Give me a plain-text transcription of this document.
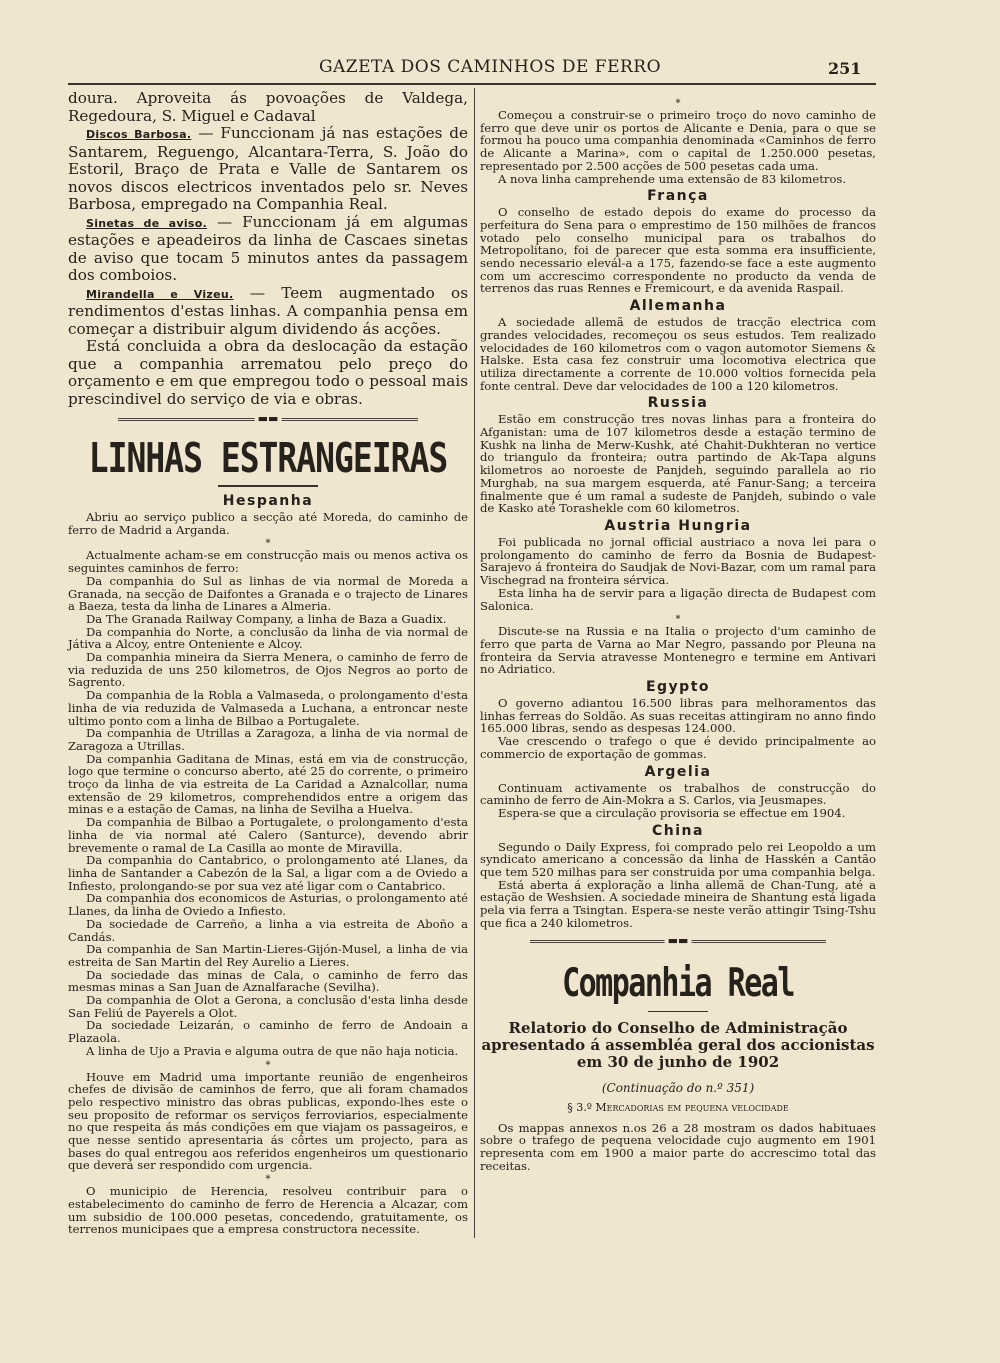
GAZETA DOS CAMINHOS DE FERRO	251

doura. Aproveita ás povoações de Valdega, Regedoura, S. Miguel e Cadaval

Discos Barbosa. — Funccionam já nas estações de Santarem, Reguengo, Alcantara-Terra, S. João do Estoril, Braço de Prata e Valle de Santarem os novos discos electricos inventados pelo sr. Neves Barbosa, empregado na Companhia Real.

Sinetas de aviso. — Funccionam já em algumas estações e apeadeiros da linha de Cascaes sinetas de aviso que tocam 5 minutos antes da passagem dos comboios.

Mirandella e Vizeu. — Teem augmentado os rendimentos d'estas linhas. A companhia pensa em começar a distribuir algum dividendo ás acções.

Está concluida a obra da deslocação da estação que a companhia arrematou pelo preço do orçamento e em que empregou todo o pessoal mais prescindivel do serviço de via e obras.

▬▬
LINHAS ESTRANGEIRAS
Hespanha

Abriu ao serviço publico a secção até Moreda, do caminho de ferro de Madrid a Arganda.

*

Actualmente acham-se em construcção mais ou menos activa os seguintes caminhos de ferro:

Da companhia do Sul as linhas de via normal de Moreda a Granada, na secção de Daifontes a Granada e o trajecto de Linares a Baeza, testa da linha de Linares a Almeria.

Da The Granada Railway Company, a linha de Baza a Guadix.

Da companhia do Norte, a conclusão da linha de via normal de Játiva a Alcoy, entre Onteniente e Alcoy.

Da companhia mineira da Sierra Menera, o caminho de ferro de via reduzida de uns 250 kilometros, de Ojos Negros ao porto de Sagrento.

Da companhia de la Robla a Valmaseda, o prolongamento d'esta linha de via reduzida de Valmaseda a Luchana, a entroncar neste ultimo ponto com a linha de Bilbao a Portugalete.

Da companhia de Utrillas a Zaragoza, a linha de via normal de Zaragoza a Utrillas.

Da companhia Gaditana de Minas, está em via de construcção, logo que termine o concurso aberto, até 25 do corrente, o primeiro troço da linha de via estreita de La Caridad a Aznalcollar, numa extensão de 29 kilometros, comprehendidos entre a origem das minas e a estação de Camas, na linha de Sevilha a Huelva.

Da companhia de Bilbao a Portugalete, o prolongamento d'esta linha de via normal até Calero (Santurce), devendo abrir brevemente o ramal de La Casilla ao monte de Miravilla.

Da companhia do Cantabrico, o prolongamento até Llanes, da linha de Santander a Cabezón de la Sal, a ligar com a de Oviedo a Infiesto, prolongando-se por sua vez até ligar com o Cantabrico.

Da companhia dos economicos de Asturias, o prolongamento até Llanes, da linha de Oviedo a Infiesto.

Da sociedade de Carreño, a linha a via estreita de Aboño a Candás.

Da companhia de San Martin-Lieres-Gijón-Musel, a linha de via estreita de San Martin del Rey Aurelio a Lieres.

Da sociedade das minas de Cala, o caminho de ferro das mesmas minas a San Juan de Aznalfarache (Sevilha).

Da companhia de Olot a Gerona, a conclusão d'esta linha desde San Feliú de Payerels a Olot.

Da sociedade Leizarán, o caminho de ferro de Andoain a Plazaola.

A linha de Ujo a Pravia e alguma outra de que não haja noticia.

*

Houve em Madrid uma importante reunião de engenheiros chefes de divisão de caminhos de ferro, que ali foram chamados pelo respectivo ministro das obras publicas, expondo-lhes este o seu proposito de reformar os serviços ferroviarios, especialmente no que respeita ás más condições em que viajam os passageiros, e que nesse sentido apresentaria ás côrtes um projecto, para as bases do qual entregou aos referidos engenheiros um questionario que deverá ser respondido com urgencia.

*

O municipio de Herencia, resolveu contribuir para o estabelecimento do caminho de ferro de Herencia a Alcazar, com um subsidio de 100.000 pesetas, concedendo, gratuitamente, os terrenos municipaes que a empresa constructora necessite.

*

Começou a construir-se o primeiro troço do novo caminho de ferro que deve unir os portos de Alicante e Denia, para o que se formou ha pouco uma companhia denominada «Caminhos de ferro de Alicante a Marina», com o capital de 1.250.000 pesetas, representado por 2.500 acções de 500 pesetas cada uma.

A nova linha camprehende uma extensão de 83 kilometros.

França

O conselho de estado depois do exame do processo da perfeitura do Sena para o emprestimo de 150 milhões de francos votado pelo conselho municipal para os trabalhos do Metropolitano, foi de parecer que esta somma era insufficiente, sendo necessario elevál-a a 175, fazendo-se face a este augmento com um accrescimo correspondente no producto da venda de terrenos das ruas Rennes e Fremicourt, e da avenida Raspail.

Allemanha

A sociedade allemã de estudos de tracção electrica com grandes velocidades, recomeçou os seus estudos. Tem realizado velocidades de 160 kilometros com o vagon automotor Siemens & Halske. Esta casa fez construir uma locomotiva electrica que utiliza directamente a corrente de 10.000 voltios fornecida pela fonte central. Deve dar velocidades de 100 a 120 kilometros.

Russia

Estão em construcção tres novas linhas para a fronteira do Afganistan: uma de 107 kilometros desde a estação termino de Kushk na linha de Merw-Kushk, até Chahit-Dukhteran no vertice do triangulo da fronteira; outra partindo de Ak-Tapa alguns kilometros ao noroeste de Panjdeh, seguindo parallela ao rio Murghab, na sua margem esquerda, até Fanur-Sang; a terceira finalmente que é um ramal a sudeste de Panjdeh, subindo o vale de Kasko até Torashekle com 60 kilometros.

Austria Hungria

Foi publicada no jornal official austriaco a nova lei para o prolongamento do caminho de ferro da Bosnia de Budapest-Sarajevo á fronteira do Saudjak de Novi-Bazar, com um ramal para Vischegrad na fronteira sérvica.

Esta linha ha de servir para a ligação directa de Budapest com Salonica.

*

Discute-se na Russia e na Italia o projecto d'um caminho de ferro que parta de Varna ao Mar Negro, passando por Pleuna na fronteira da Servia atravesse Montenegro e termine em Antivari no Adriatico.

Egypto

O governo adiantou 16.500 libras para melhoramentos das linhas ferreas do Soldão. As suas receitas attingiram no anno findo 165.000 libras, sendo as despesas 124.000.

Vae crescendo o trafego o que é devido principalmente ao commercio de exportação de gommas.

Argelia

Continuam activamente os trabalhos de construcção do caminho de ferro de Ain-Mokra a S. Carlos, via Jeusmapes.

Espera-se que a circulação provisoria se effectue em 1904.

China

Segundo o Daily Express, foi comprado pelo rei Leopoldo a um syndicato americano a concessão da linha de Hasskén a Cantão que tem 520 milhas para ser construida por uma companhia belga.

Está aberta á exploração a linha allemã de Chan-Tung, até a estação de Weshsien. A sociedade mineira de Shantung está ligada pela via ferra a Tsingtan. Espera-se neste verão attingir Tsing-Tshu que fica a 240 kilometros.

▬▬
Companhia Real
Relatorio do Conselho de Administração apresentado á assembléa geral dos accionistas em 30 de junho de 1902
(Continuação do n.º 351)
§ 3.º Mercadorias em pequena velocidade

Os mappas annexos n.os 26 a 28 mostram os dados habituaes sobre o trafego de pequena velocidade cujo augmento em 1901 representa com em 1900 a maior parte do accrescimo total das receitas.
